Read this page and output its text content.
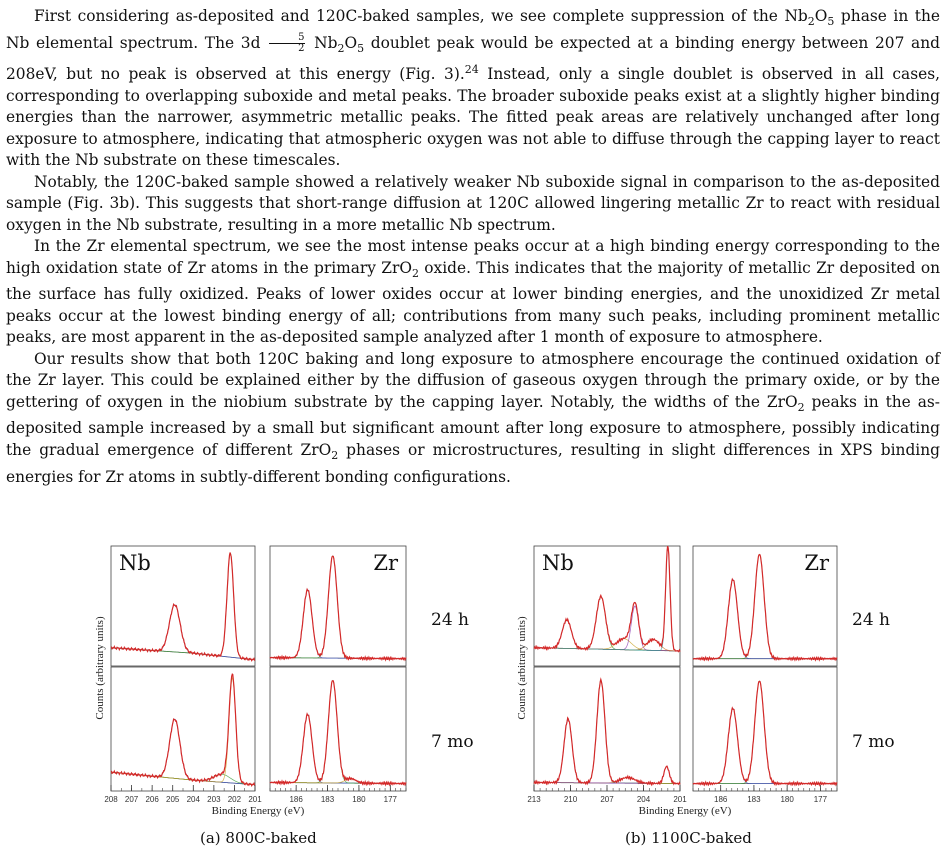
First considering as-deposited and 120C-baked samples, we see complete suppression of the $Nb_2O_5$ phase in the Nb elemental spectrum. The $3d \frac{5}{2} Nb_2O_5$ doublet peak would be expected at a binding energy between 207 and 208eV, but no peak is observed at this energy (Fig. 3).$^{24}$ Instead, only a single doublet is observed in all cases, corresponding to overlapping suboxide and metal peaks. The broader suboxide peaks exist at a slightly higher binding energies than the narrower, asymmetric metallic peaks. The fitted peak areas are relatively unchanged after long exposure to atmosphere, indicating that atmospheric oxygen was not able to diffuse through the capping layer to react with the Nb substrate on these timescales.

Notably, the 120C-baked sample showed a relatively weaker Nb suboxide signal in comparison to the as-deposited sample (Fig. 3b). This suggests that short-range diffusion at 120C allowed lingering metallic Zr to react with residual oxygen in the Nb substrate, resulting in a more metallic Nb spectrum.

In the Zr elemental spectrum, we see the most intense peaks occur at a high binding energy corresponding to the high oxidation state of Zr atoms in the primary ZrO$_2$ oxide. This indicates that the majority of metallic Zr deposited on the surface has fully oxidized. Peaks of lower oxides occur at lower binding energies, and the unoxidized Zr metal peaks occur at the lowest binding energy of all; contributions from many such peaks, including prominent metallic peaks, are most apparent in the as-deposited sample analyzed after 1 month of exposure to atmosphere.

Our results show that both 120C baking and long exposure to atmosphere encourage the continued oxidation of the Zr layer. This could be explained either by the diffusion of gaseous oxygen through the primary oxide, or by the gettering of oxygen in the niobium substrate by the capping layer. Notably, the widths of the ZrO$_2$ peaks in the as-deposited sample increased by a small but significant amount after long exposure to atmosphere, possibly indicating the gradual emergence of different ZrO$_2$ phases or microstructures, resulting in slight differences in XPS binding energies for Zr atoms in subtly-different bonding configurations.

Nb	Zr
24 h
7 mo
Counts (arbitrary units)
208 207 206 205 204 203 202 201	186 183 180 177
Binding Energy (eV)
(a) 800C-baked
Nb	Zr
24 h
7 mo
Counts (arbitrary units)
213	210	207	204	201	186 183 180 177
Binding Energy (eV)
(b) 1100C-baked
